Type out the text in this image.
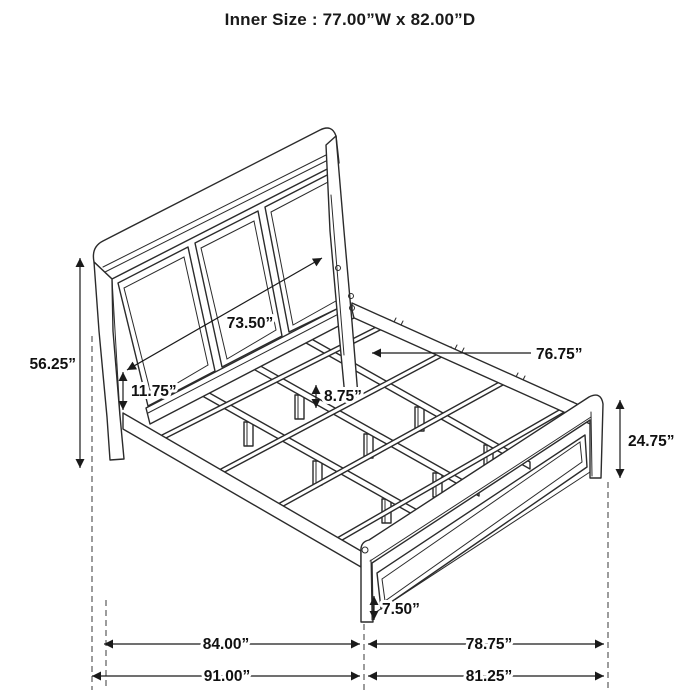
Inner Size : 77.00”W x 82.00”D
56.25”
73.50”
11.75”
76.75”
8.75”
24.75”
7.50”
84.00”	78.75”
91.00”	81.25”
